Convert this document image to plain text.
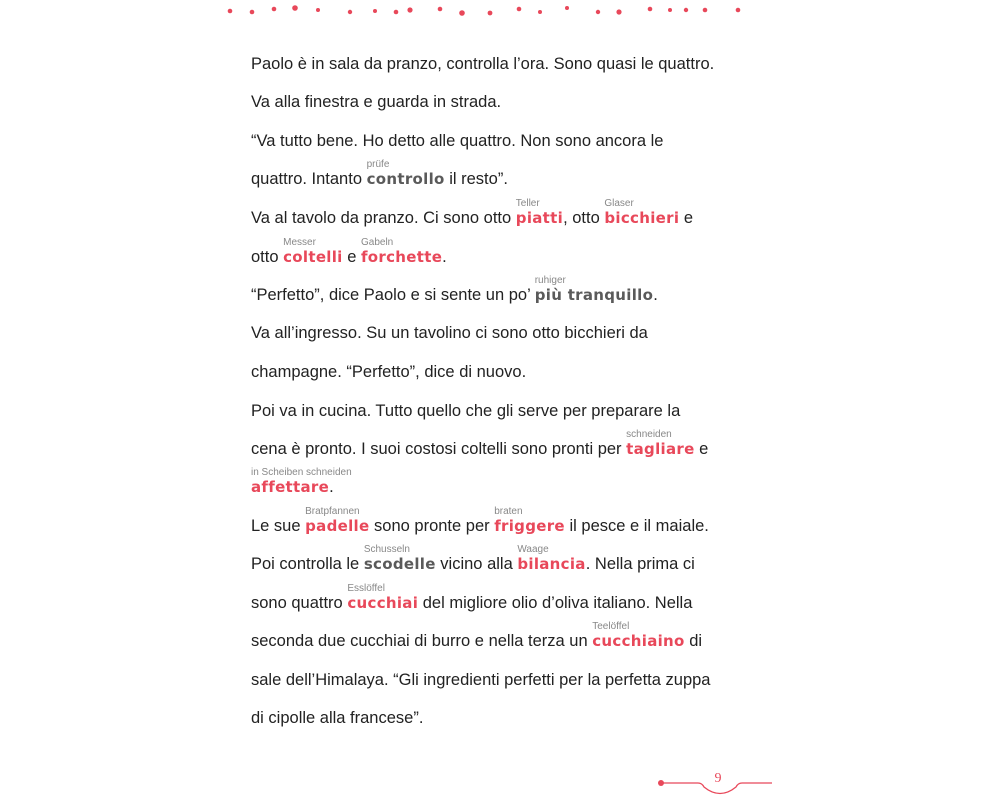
Paolo è in sala da pranzo, controlla l’ora. Sono quasi le quattro.
Va alla finestra e guarda in strada.
“Va tutto bene. Ho detto alle quattro. Non sono ancora le
quattro. Intanto
prüfe
controllo il resto”.
Va al tavolo da pranzo. Ci sono otto
Teller
piatti, otto
Glaser
bicchieri e
otto
Messer
coltelli e
Gabeln
forchette.
“Perfetto”, dice Paolo e si sente un po’
ruhiger
più tranquillo.
Va all’ingresso. Su un tavolino ci sono otto bicchieri da
champagne. “Perfetto”, dice di nuovo.
Poi va in cucina. Tutto quello che gli serve per preparare la
cena è pronto. I suoi costosi coltelli sono pronti per
schneiden
tagliare e
in Scheiben schneiden
affettare.
Le sue
Bratpfannen
padelle sono pronte per
braten
friggere il pesce e il maiale.
Poi controlla le
Schusseln
scodelle vicino alla
Waage
bilancia. Nella prima ci
sono quattro
Esslöffel
cucchiai del migliore olio d’oliva italiano. Nella
seconda due cucchiai di burro e nella terza un
Teelöffel
cucchiaino di
sale dell’Himalaya. “Gli ingredienti perfetti per la perfetta zuppa
di cipolle alla francese”.
9
